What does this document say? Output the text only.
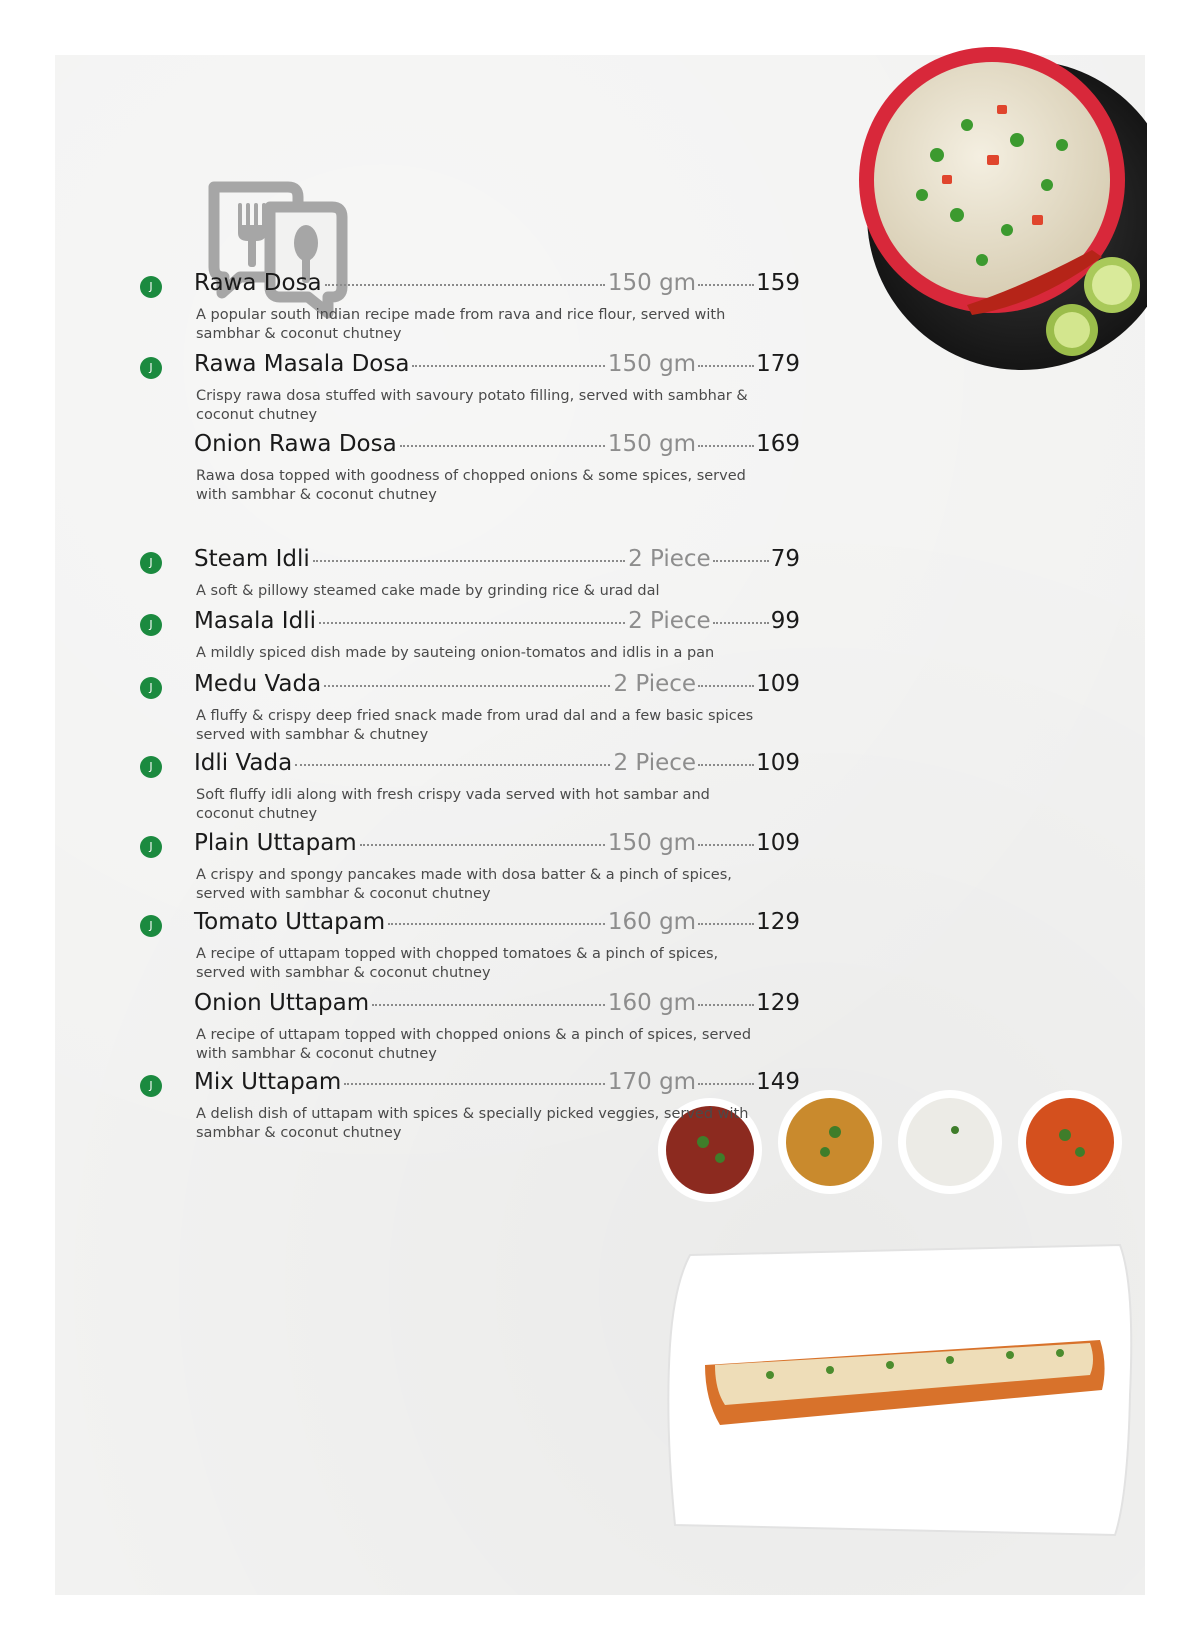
J	Rawa Dosa	150 gm	159
A popular south indian recipe made from rava and rice flour, served with sambhar & coconut chutney
J	Rawa Masala Dosa	150 gm	179
Crispy rawa dosa stuffed with savoury potato filling, served with sambhar & coconut chutney
Onion Rawa Dosa	150 gm	169
Rawa dosa topped with goodness of chopped onions & some spices, served with sambhar & coconut chutney
J	Steam Idli	2 Piece	79
A soft & pillowy steamed cake made by grinding rice & urad dal
J	Masala Idli	2 Piece	99
A mildly spiced dish made by sauteing onion-tomatos and idlis in a pan
J	Medu Vada	2 Piece	109
A fluffy & crispy deep fried snack made from urad dal and a few basic spices served with sambhar & chutney
J	Idli Vada	2 Piece	109
Soft fluffy idli along with fresh crispy vada served with hot sambar and coconut chutney
J	Plain Uttapam	150 gm	109
A crispy and spongy pancakes made with dosa batter & a pinch of spices, served with sambhar & coconut chutney
J	Tomato Uttapam	160 gm	129
A recipe of uttapam topped with chopped tomatoes & a pinch of spices, served with sambhar & coconut chutney
Onion Uttapam	160 gm	129
A recipe of uttapam topped with chopped onions & a pinch of spices, served with sambhar & coconut chutney
J	Mix Uttapam	170 gm	149
A delish dish of uttapam with spices & specially picked veggies, served with sambhar & coconut chutney
